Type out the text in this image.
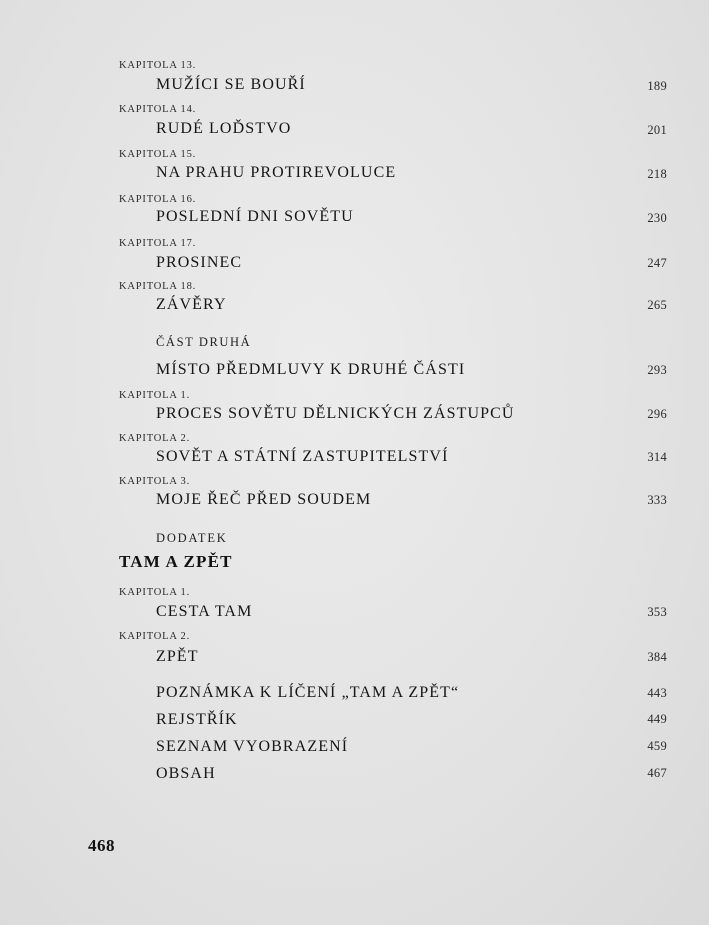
KAPITOLA 13.
MUŽÍCI SE BOUŘÍ	189
KAPITOLA 14.
RUDÉ LOĎSTVO	201
KAPITOLA 15.
NA PRAHU PROTIREVOLUCE	218
KAPITOLA 16.
POSLEDNÍ DNI SOVĚTU	230
KAPITOLA 17.
PROSINEC	247
KAPITOLA 18.
ZÁVĚRY	265
ČÁST DRUHÁ
MÍSTO PŘEDMLUVY K DRUHÉ ČÁSTI	293
KAPITOLA 1.
PROCES SOVĚTU DĚLNICKÝCH ZÁSTUPCŮ	296
KAPITOLA 2.
SOVĚT A STÁTNÍ ZASTUPITELSTVÍ	314
KAPITOLA 3.
MOJE ŘEČ PŘED SOUDEM	333
DODATEK
TAM A ZPĚT
KAPITOLA 1.
CESTA TAM	353
KAPITOLA 2.
ZPĚT	384
POZNÁMKA K LÍČENÍ „TAM A ZPĚT“	443
REJSTŘÍK	449
SEZNAM VYOBRAZENÍ	459
OBSAH	467
468
